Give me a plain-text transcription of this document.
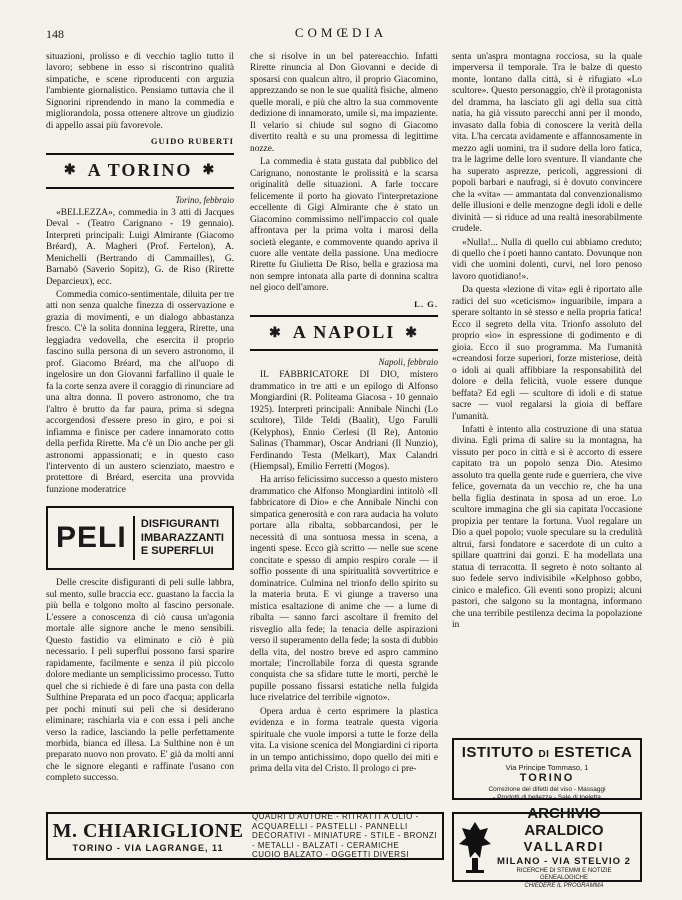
148	COMŒDIA

situazioni, prolisso e di vecchio taglio tutto il lavoro; sebbene in esso si riscontrino qualità simpatiche, e scene riproducenti con arguzia l'ambiente giornalistico. Pensiamo tuttavia che il Signorini riprendendo in mano la commedia e migliorandola, possa ottenere altrove un giudizio di appello assai più favorevole.

GUIDO RUBERTI
✱ A TORINO ✱
Torino, febbraio

«BELLEZZA», commedia in 3 atti di Jacques Deval - (Teatro Carignano - 19 gennaio). Interpreti principali: Luigi Almirante (Giacomo Bréard), A. Magheri (Prof. Fertelon), A. Menichelli (Bertrando di Cammailles), G. Barnabò (Saverio Sopitz), G. de Riso (Rirette Deparcieux), ecc.

Commedia comico-sentimentale, diluita per tre atti non senza qualche finezza di osservazione e grazia di movimenti, e un dialogo abbastanza fresco. C'è la solita donnina leggera, Rirette, una leggiadra vedovella, che esercita il proprio fascino sulla persona di un severo astronomo, il prof. Giacomo Bréard, ma che all'uopo di ingelosire un don Giovanni farfallino il quale le fa la corte senza avere il coraggio di rinunciare ad una altra donna. Il povero astronomo, che tra l'altro è brutto da far paura, prima si sdegna accorgendosi d'essere preso in giro, e poi si infiamma e finisce per cadere innamorato cotto della perfida Rirette. Ma c'è un Dio anche per gli astronomi appassionati; e in questo caso l'intervento di un austero scienziato, maestro e protettore di Bréard, esercita una provvida funzione moderatrice

PELI DISFIGURANTI
IMBARAZZANTI
E SUPERFLUI

Delle crescite disfiguranti di peli sulle labbra, sul mento, sulle braccia ecc. guastano la faccia la più bella e tolgono molto al fascino personale. L'essere a conoscenza di ciò causa un'agonia mortale alle signore anche le meno sensibili. Questo fastidio va eliminato e ciò è più necessario. I peli superflui possono farsi sparire rapidamente, facilmente e senza il più piccolo dolore mediante un semplicissimo processo. Tutto quel che si richiede è di fare una pasta con della Sulthine Preparata ed un poco d'acqua; applicarla per pochi minuti sui peli che si desiderano eliminare; raschiarla via e con essa i peli anche verso la radice, lasciando la pelle perfettamente morbida, bianca ed illesa. La Sulthine non è un preparato nuovo non provato. E' già da molti anni che le signore eleganti e raffinate l'usano con completo successo.

che si risolve in un bel patereacchio. Infatti Rirette rinuncia al Don Giovanni e decide di sposarsi con qualcun altro, il proprio Giacomino, apprezzando se non le sue qualità fisiche, almeno quelle morali, e più che altro la sua commovente dedizione di innamorato, umile sì, ma impaziente. Il velario si chiude sul sogno di Giacomo divertito realtà e su una promessa di legittime nozze.

La commedia è stata gustata dal pubblico del Carignano, nonostante le prolissità e la scarsa originalità delle situazioni. A farle toccare felicemente il porto ha giovato l'interpretazione eccellente di Gigi Almirante che è stato un Giacomino commissimo nell'impaccio col quale affrontava per la prima volta i marosi della società elegante, e commovente quando apriva il cuore alle ventate della passione. Una mediocre Rirette fu Giulietta De Riso, bella e graziosa ma non sempre intonata alla parte di donnina scaltra nel gioco dell'amore.

L. G.
✱ A NAPOLI ✱
Napoli, febbraio

IL FABBRICATORE DI DIO, mistero drammatico in tre atti e un epilogo di Alfonso Mongiardini (R. Politeama Giacosa - 10 gennaio 1925). Interpreti principali: Annibale Ninchi (Lo scultore), Tilde Teldi (Baalit), Ugo Farulli (Kelyphos), Ennio Cerlesi (Il Re), Antonio Salinas (Thammar), Oscar Andriani (Il Nunzio), Ferdinando Testa (Melkart), Max Calandri (Hiempsal), Emilio Ferretti (Mogos).

Ha arriso felicissimo successo a questo mistero drammatico che Alfonso Mongiardini intitolò «Il fabbricatore di Dio» e che Annibale Ninchi con simpatica generosità e con rara audacia ha voluto portare alla ribalta, sobbarcandosi, per le necessità di una sontuosa messa in scena, a ingenti spese. Ecco già scritto — nelle sue scene concitate e spesso di ampio respiro corale — il soffio possente di una spiritualità sovvertitrice e dominatrice. Culmina nel trionfo dello spirito su la materia bruta. E vi giunge a traverso una mistica esaltazione di anime che — a lume di ribalta — sanno farci ascoltare il fremito del risveglio alla fede; la tenacia delle aspirazioni verso il superamento della fede; la sosta di dubbio della vita, del nostro breve ed aspro cammino mortale; l'incrollabile forza di questa sgrande conquista che sa sfidare tutte le morti, perchè le pupille possano fissarsi estatiche nella fulgida luce rivelatrice del terribile «ignoto».

Opera ardua è certo esprimere la plastica evidenza e in forma teatrale questa vigoria spirituale che vuole imporsi a tutte le forze della vita. La visione scenica del Mongiardini ci riporta in un tempo antichissimo, dopo quello dei miti e prima della vita del Cristo. Il prologo ci pre-

senta un'aspra montagna rocciosa, su la quale imperversa il temporale. Tra le balze di questo monte, lontano dalla città, si è rifugiato «Lo scultore». Questo personaggio, ch'è il protagonista del dramma, ha lasciato gli agi della sua città natia, ha già vissuto parecchi anni per il mondo, invasato dalla fobia di conoscere la verità della vita. L'ha cercata avidamente e affannosamente in mezzo agli uomini, tra il sudore della loro fatica, tra le lagrime delle loro sventure. Il viandante che ha superato asprezze, pericoli, aggressioni di popoli barbari e naufragi, si è dovuto convincere che la «vita» — ammantata dal convenzionalismo delle illusioni e delle menzogne degli idoli e delle divinità — si riduce ad una realtà inesorabilmente crudele.

«Nulla!... Nulla di quello cui abbiamo creduto; di quello che i poeti hanno cantato. Dovunque non vidi che uomini dolenti, curvi, nel loro penoso lavoro quotidiano!».

Da questa «lezione di vita» egli è riportato alle radici del suo «ceticismo» inguaribile, impara a sperare soltanto in sè stesso e nella propria fatica! Ecco il segreto della vita. Trionfo assoluto del proprio «io» in espressione di godimento e di gioia. Ecco il suo programma. Ma l'umanità «creandosi forze superiori, forze misteriose, deità o idoli ai quali affibbiare la responsabilità del dolore e della felicità, vuole essere dunque beffata? Ed egli — scultore di idoli e di statue sacre — vuol regalarsi la gioia di beffare l'umanità.

Infatti è intento alla costruzione di una statua divina. Egli prima di salire su la montagna, ha vissuto per poco in città e si è accorto di essere capitato tra un popolo senza Dio. Atesimo assoluto tra quella gente rude e guerriera, che vive felice, governata da un vecchio re, che ha una bella figlia destinata in sposa ad un eroe. Lo scultore immagina che gli sia capitata l'occasione propizia per tentare la fortuna. Vuol regalare un Dio a quel popolo; vuole speculare su la credulità altrui, farsi fondatore e sacerdote di un culto a spillare quattrini dai gonzi. E ha modellata una statua di terracotta. Il segreto è noto soltanto al suo fedele servo indivisibile «Kelphoso gobbo, cinico e malefico. Gli eventi sono propizi; alcuni pastori, che salgono su la montagna, informano che una terribile pestilenza decima la popolazione in

ISTITUTO DI ESTETICA
Via Principe Tommaso, 1
TORINO
Correzione dei difetti del viso - Massaggi
- Prodotti di bellezza - Sale di toeletta
ARCHIVIO ARALDICO
VALLARDI
MILANO - VIA STELVIO 2
RICERCHE DI STEMMI E NOTIZIE GENEALOGICHE
CHIEDERE IL PROGRAMMA
M. CHIARIGLIONE
TORINO - VIA LAGRANGE, 11
QUADRI D'AUTORE - RITRATTI A OLIO - ACQUARELLI - PASTELLI - PANNELLI
DECORATIVI - MINIATURE - STILE - BRONZI - METALLI - BALZATI - CERAMICHE
CUOIO BALZATO - OGGETTI DIVERSI
